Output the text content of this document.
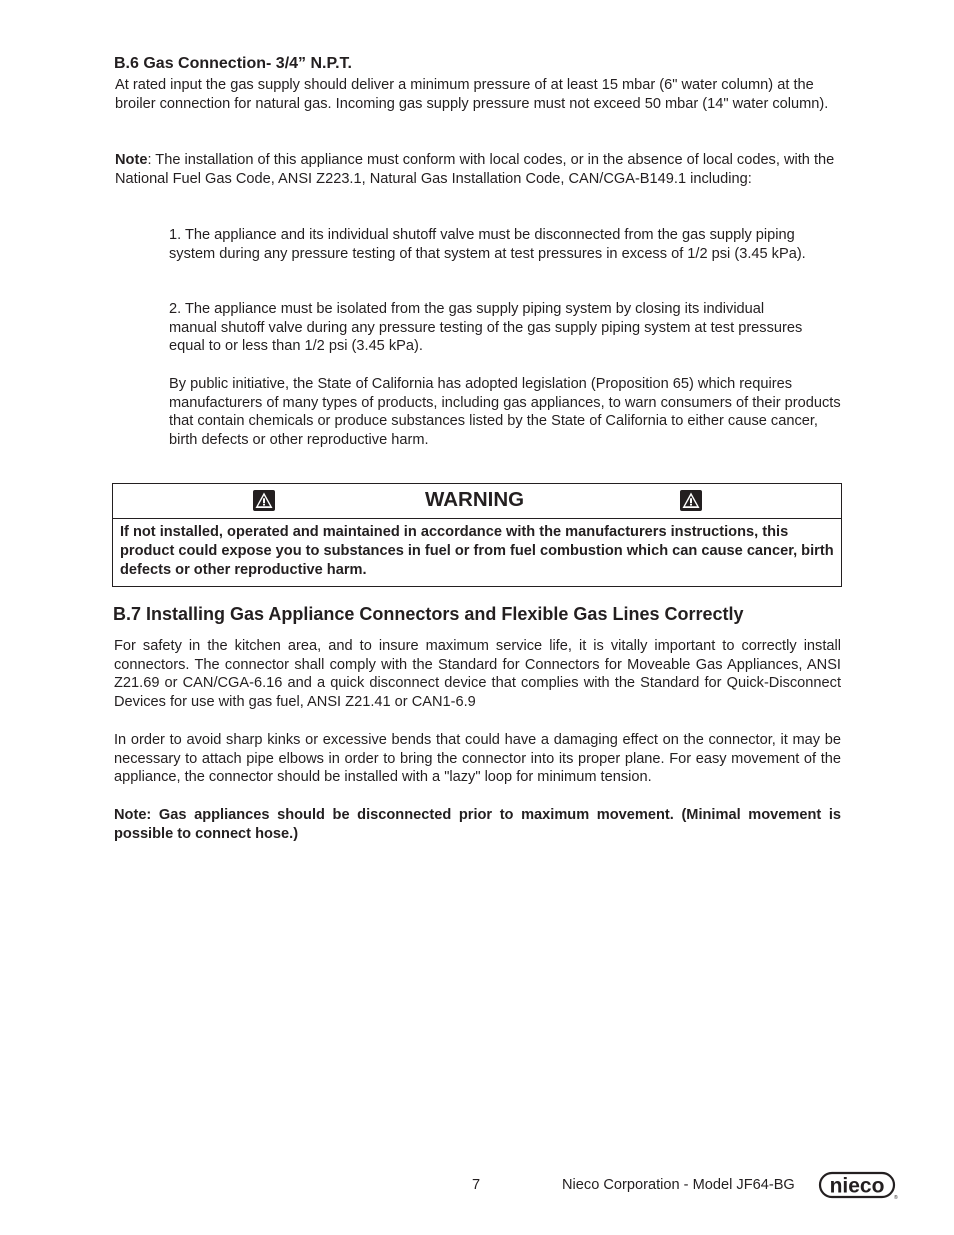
B.6 Gas Connection- 3/4” N.P.T.

At rated input the gas supply should deliver a minimum pressure of at least 15 mbar (6" water column) at the broiler connection for natural gas. Incoming gas supply pressure must not exceed 50 mbar (14" water column).

Note: The installation of this appliance must conform with local codes, or in the absence of local codes, with the National Fuel Gas Code, ANSI Z223.1, Natural Gas Installation Code, CAN/CGA-B149.1 including:

1. The appliance and its individual shutoff valve must be disconnected from the gas supply piping system during any pressure testing of that system at test pressures in excess of 1/2 psi (3.45 kPa).

2. The appliance must be isolated from the gas supply piping system by closing its individual manual shutoff valve during any pressure testing of the gas supply piping system at test pressures equal to or less than 1/2 psi (3.45 kPa).

By public initiative, the State of California has adopted legislation (Proposition 65) which requires manufacturers of many types of products, including gas appliances, to warn consumers of their products that contain chemicals or produce substances listed by the State of California to either cause cancer, birth defects or other reproductive harm.

WARNING
If not installed, operated and maintained in accordance with the manufacturers instructions, this product could expose you to substances in fuel or from fuel combustion which can cause cancer, birth defects or other reproductive harm.
B.7 Installing Gas Appliance Connectors and Flexible Gas Lines Correctly

For safety in the kitchen area, and to insure maximum service life, it is vitally important to correctly install connectors. The connector shall comply with the Standard for Connectors for Moveable Gas Appliances, ANSI Z21.69 or CAN/CGA-6.16 and a quick disconnect device that complies with the Standard for Quick-Disconnect Devices for use with gas fuel, ANSI Z21.41 or CAN1-6.9

In order to avoid sharp kinks or excessive bends that could have a damaging effect on the connector, it may be necessary to attach pipe elbows in order to bring the connector into its proper plane. For easy movement of the appliance, the connector should be installed with a "lazy" loop for minimum tension.

Note: Gas appliances should be disconnected prior to maximum movement. (Minimal movement is possible to connect hose.)

7	Nieco Corporation - Model JF64-BG nieco
®
